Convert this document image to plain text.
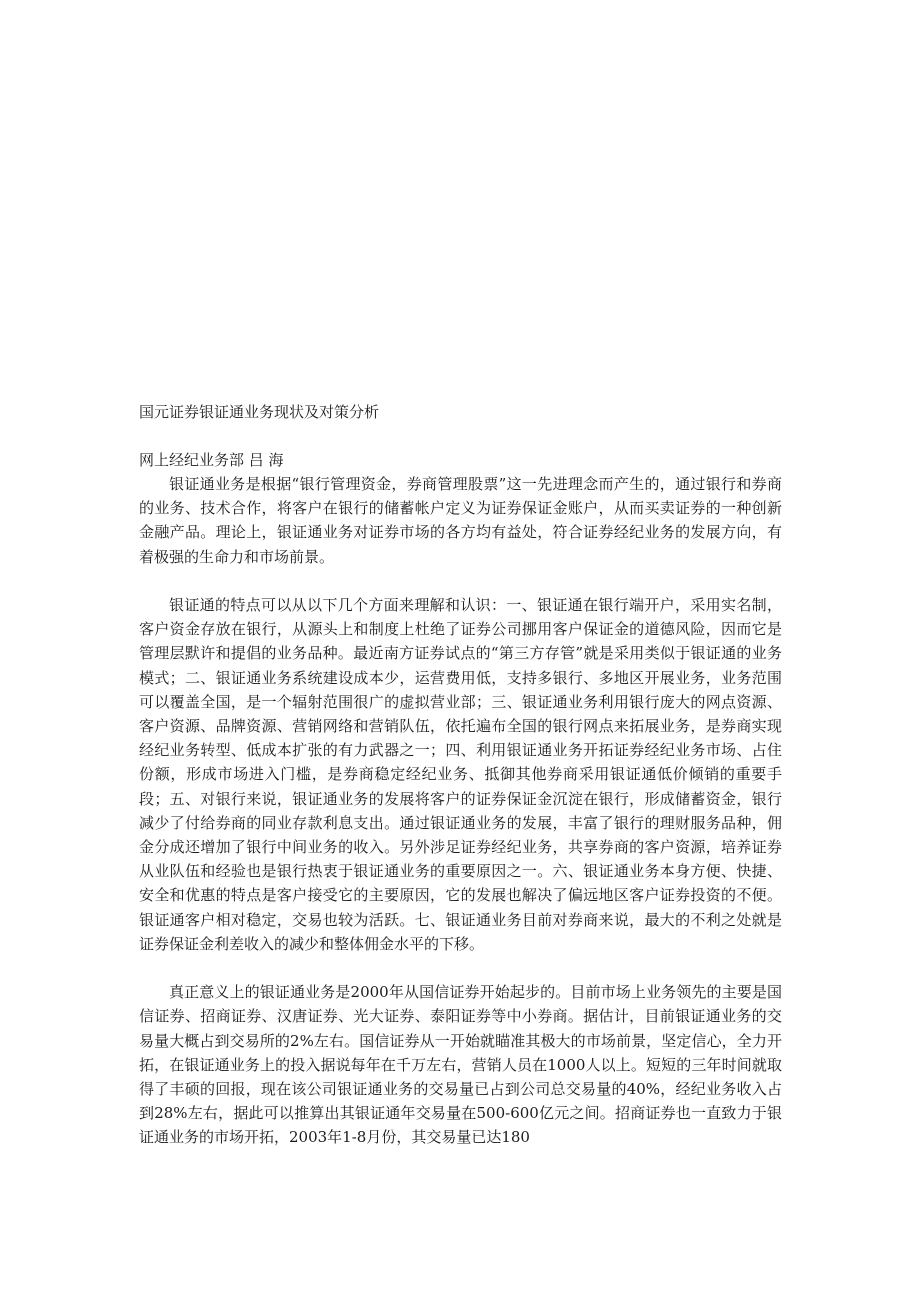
国元证券银证通业务现状及对策分析

网上经纪业务部 吕 海

银证通业务是根据“银行管理资金，券商管理股票”这一先进理念而产生的，通过银行和券商的业务、技术合作，将客户在银行的储蓄帐户定义为证券保证金账户，从而买卖证券的一种创新金融产品。理论上，银证通业务对证券市场的各方均有益处，符合证券经纪业务的发展方向，有着极强的生命力和市场前景。

银证通的特点可以从以下几个方面来理解和认识：一、银证通在银行端开户，采用实名制，客户资金存放在银行，从源头上和制度上杜绝了证券公司挪用客户保证金的道德风险，因而它是管理层默许和提倡的业务品种。最近南方证券试点的“第三方存管”就是采用类似于银证通的业务模式；二、银证通业务系统建设成本少，运营费用低，支持多银行、多地区开展业务，业务范围可以覆盖全国，是一个辐射范围很广的虚拟营业部；三、银证通业务利用银行庞大的网点资源、客户资源、品牌资源、营销网络和营销队伍，依托遍布全国的银行网点来拓展业务，是券商实现经纪业务转型、低成本扩张的有力武器之一；四、利用银证通业务开拓证券经纪业务市场、占住份额，形成市场进入门槛，是券商稳定经纪业务、抵御其他券商采用银证通低价倾销的重要手段；五、对银行来说，银证通业务的发展将客户的证券保证金沉淀在银行，形成储蓄资金，银行减少了付给券商的同业存款利息支出。通过银证通业务的发展，丰富了银行的理财服务品种，佣金分成还增加了银行中间业务的收入。另外涉足证券经纪业务，共享券商的客户资源，培养证券从业队伍和经验也是银行热衷于银证通业务的重要原因之一。六、银证通业务本身方便、快捷、安全和优惠的特点是客户接受它的主要原因，它的发展也解决了偏远地区客户证券投资的不便。银证通客户相对稳定，交易也较为活跃。七、银证通业务目前对券商来说，最大的不利之处就是证券保证金利差收入的减少和整体佣金水平的下移。

真正意义上的银证通业务是2000年从国信证券开始起步的。目前市场上业务领先的主要是国信证券、招商证券、汉唐证券、光大证券、泰阳证券等中小券商。据估计，目前银证通业务的交易量大概占到交易所的2%左右。国信证券从一开始就瞄准其极大的市场前景，坚定信心，全力开拓，在银证通业务上的投入据说每年在千万左右，营销人员在1000人以上。短短的三年时间就取得了丰硕的回报，现在该公司银证通业务的交易量已占到公司总交易量的40%，经纪业务收入占到28%左右，据此可以推算出其银证通年交易量在500-600亿元之间。招商证券也一直致力于银证通业务的市场开拓，2003年1-8月份，其交易量已达180
